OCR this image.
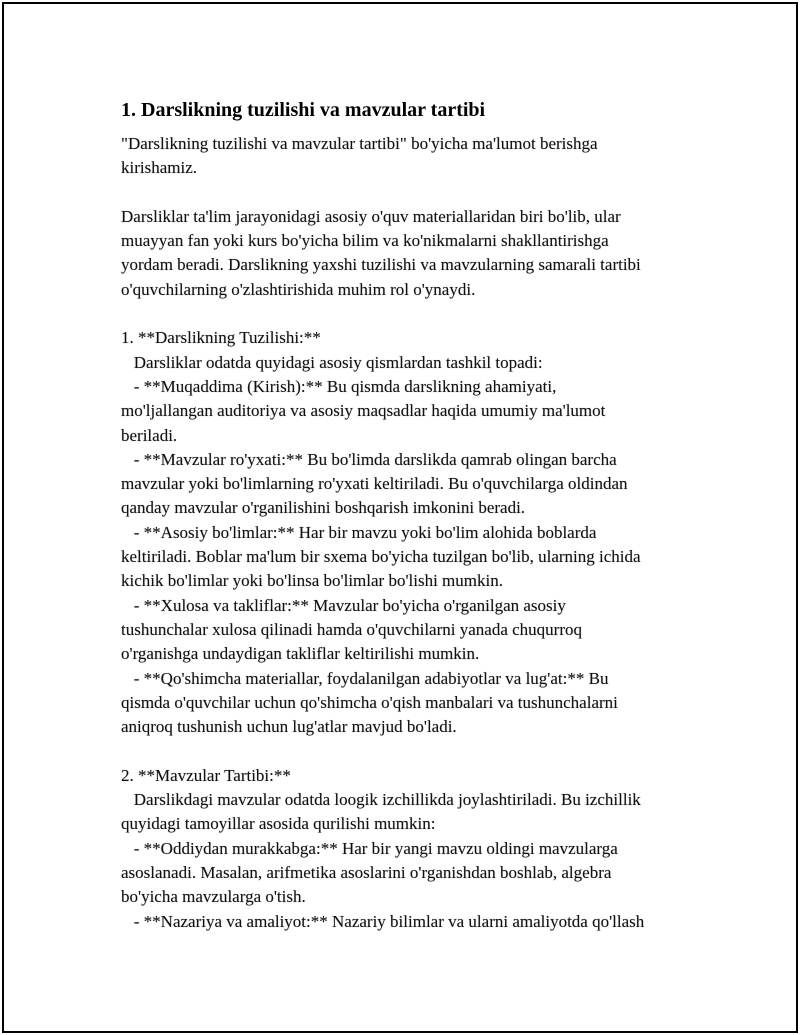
1. Darslikning tuzilishi va mavzular tartibi

"Darslikning tuzilishi va mavzular tartibi" bo'yicha ma'lumot berishga
kirishamiz.

Darsliklar ta'lim jarayonidagi asosiy o'quv materiallaridan biri bo'lib, ular
muayyan fan yoki kurs bo'yicha bilim va ko'nikmalarni shakllantirishga
yordam beradi. Darslikning yaxshi tuzilishi va mavzularning samarali tartibi
o'quvchilarning o'zlashtirishida muhim rol o'ynaydi.

1. **Darslikning Tuzilishi:**
Darsliklar odatda quyidagi asosiy qismlardan tashkil topadi:
- **Muqaddima (Kirish):** Bu qismda darslikning ahamiyati,
mo'ljallangan auditoriya va asosiy maqsadlar haqida umumiy ma'lumot
beriladi.
- **Mavzular ro'yxati:** Bu bo'limda darslikda qamrab olingan barcha
mavzular yoki bo'limlarning ro'yxati keltiriladi. Bu o'quvchilarga oldindan
qanday mavzular o'rganilishini boshqarish imkonini beradi.
- **Asosiy bo'limlar:** Har bir mavzu yoki bo'lim alohida boblarda
keltiriladi. Boblar ma'lum bir sxema bo'yicha tuzilgan bo'lib, ularning ichida
kichik bo'limlar yoki bo'linsa bo'limlar bo'lishi mumkin.
- **Xulosa va takliflar:** Mavzular bo'yicha o'rganilgan asosiy
tushunchalar xulosa qilinadi hamda o'quvchilarni yanada chuqurroq
o'rganishga undaydigan takliflar keltirilishi mumkin.
- **Qo'shimcha materiallar, foydalanilgan adabiyotlar va lug'at:** Bu
qismda o'quvchilar uchun qo'shimcha o'qish manbalari va tushunchalarni
aniqroq tushunish uchun lug'atlar mavjud bo'ladi.

2. **Mavzular Tartibi:**
Darslikdagi mavzular odatda loogik izchillikda joylashtiriladi. Bu izchillik
quyidagi tamoyillar asosida qurilishi mumkin:
- **Oddiydan murakkabga:** Har bir yangi mavzu oldingi mavzularga
asoslanadi. Masalan, arifmetika asoslarini o'rganishdan boshlab, algebra
bo'yicha mavzularga o'tish.
- **Nazariya va amaliyot:** Nazariy bilimlar va ularni amaliyotda qo'llash
